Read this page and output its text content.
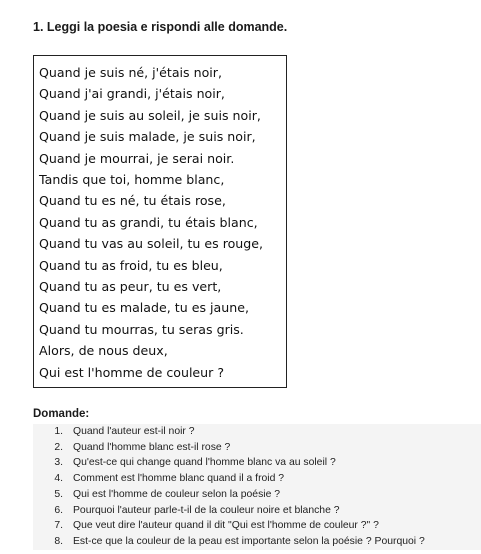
1. Leggi la poesia e rispondi alle domande.
Quand je suis né, j'étais noir,
Quand j'ai grandi, j'étais noir,
Quand je suis au soleil, je suis noir,
Quand je suis malade, je suis noir,
Quand je mourrai, je serai noir.
Tandis que toi, homme blanc,
Quand tu es né, tu étais rose,
Quand tu as grandi, tu étais blanc,
Quand tu vas au soleil, tu es rouge,
Quand tu as froid, tu es bleu,
Quand tu as peur, tu es vert,
Quand tu es malade, tu es jaune,
Quand tu mourras, tu seras gris.
Alors, de nous deux,
Qui est l'homme de couleur ?
Domande:
1. Quand l'auteur est-il noir ?
2. Quand l'homme blanc est-il rose ?
3. Qu'est-ce qui change quand l'homme blanc va au soleil ?
4. Comment est l'homme blanc quand il a froid ?
5. Qui est l'homme de couleur selon la poésie ?
6. Pourquoi l'auteur parle-t-il de la couleur noire et blanche ?
7. Que veut dire l'auteur quand il dit "Qui est l'homme de couleur ?" ?
8. Est-ce que la couleur de la peau est importante selon la poésie ? Pourquoi ?
